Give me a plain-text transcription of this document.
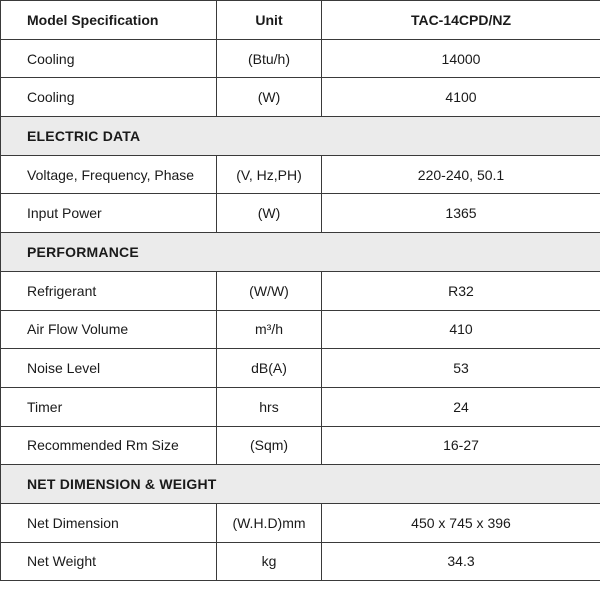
Model Specification	Unit	TAC-14CPD/NZ
Cooling	(Btu/h)	14000
Cooling	(W)	4100
ELECTRIC DATA		
Voltage, Frequency, Phase	(V, Hz,PH)	220-240, 50.1
Input Power	(W)	1365
PERFORMANCE		
Refrigerant	(W/W)	R32
Air Flow Volume	m³/h	410
Noise Level	dB(A)	53
Timer	hrs	24
Recommended Rm Size	(Sqm)	16-27
NET DIMENSION & WEIGHT		
Net Dimension	(W.H.D)mm	450 x 745 x 396
Net Weight	kg	34.3
